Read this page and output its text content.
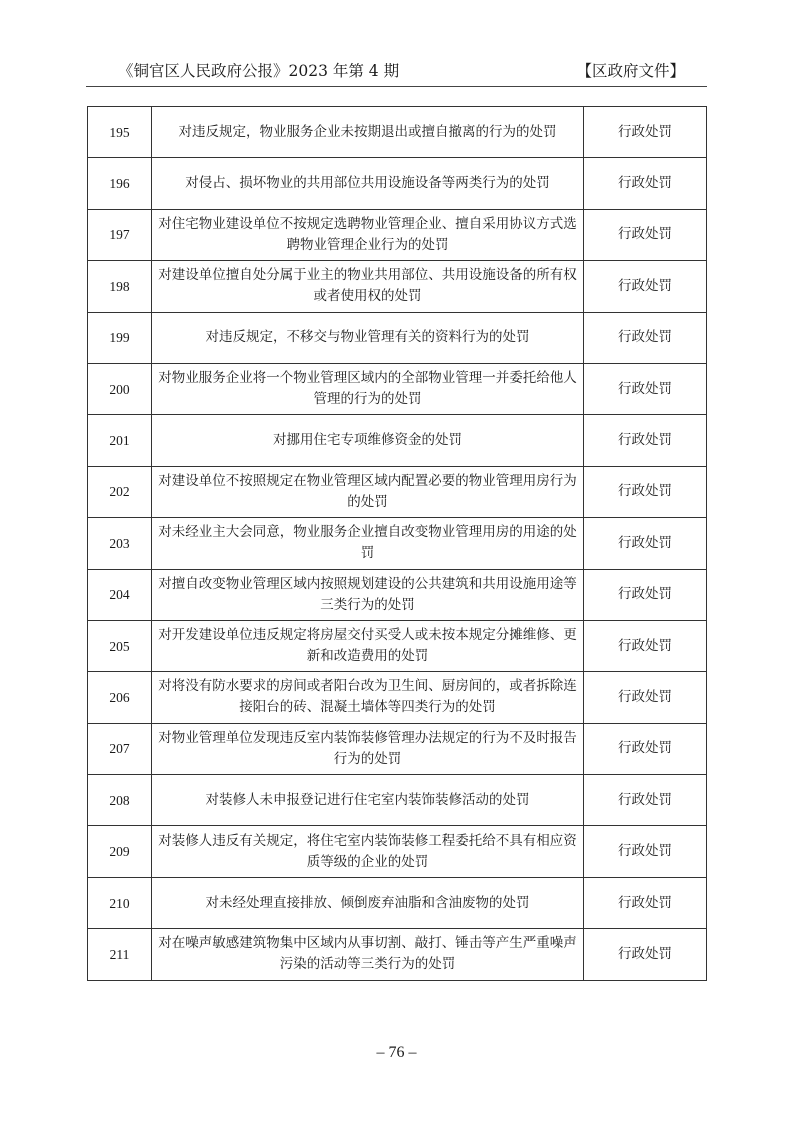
《铜官区人民政府公报》2023 年第 4 期	【区政府文件】
195	对违反规定，物业服务企业未按期退出或擅自撤离的行为的处罚	行政处罚
196	对侵占、损坏物业的共用部位共用设施设备等两类行为的处罚	行政处罚
197	对住宅物业建设单位不按规定选聘物业管理企业、擅自采用协议方式选聘物业管理企业行为的处罚	行政处罚
198	对建设单位擅自处分属于业主的物业共用部位、共用设施设备的所有权或者使用权的处罚	行政处罚
199	对违反规定，不移交与物业管理有关的资料行为的处罚	行政处罚
200	对物业服务企业将一个物业管理区域内的全部物业管理一并委托给他人管理的行为的处罚	行政处罚
201	对挪用住宅专项维修资金的处罚	行政处罚
202	对建设单位不按照规定在物业管理区域内配置必要的物业管理用房行为的处罚	行政处罚
203	对未经业主大会同意，物业服务企业擅自改变物业管理用房的用途的处罚	行政处罚
204	对擅自改变物业管理区域内按照规划建设的公共建筑和共用设施用途等三类行为的处罚	行政处罚
205	对开发建设单位违反规定将房屋交付买受人或未按本规定分摊维修、更新和改造费用的处罚	行政处罚
206	对将没有防水要求的房间或者阳台改为卫生间、厨房间的，或者拆除连接阳台的砖、混凝土墙体等四类行为的处罚	行政处罚
207	对物业管理单位发现违反室内装饰装修管理办法规定的行为不及时报告行为的处罚	行政处罚
208	对装修人未申报登记进行住宅室内装饰装修活动的处罚	行政处罚
209	对装修人违反有关规定，将住宅室内装饰装修工程委托给不具有相应资质等级的企业的处罚	行政处罚
210	对未经处理直接排放、倾倒废弃油脂和含油废物的处罚	行政处罚
211	对在噪声敏感建筑物集中区域内从事切割、敲打、锤击等产生严重噪声污染的活动等三类行为的处罚	行政处罚
– 76 –
